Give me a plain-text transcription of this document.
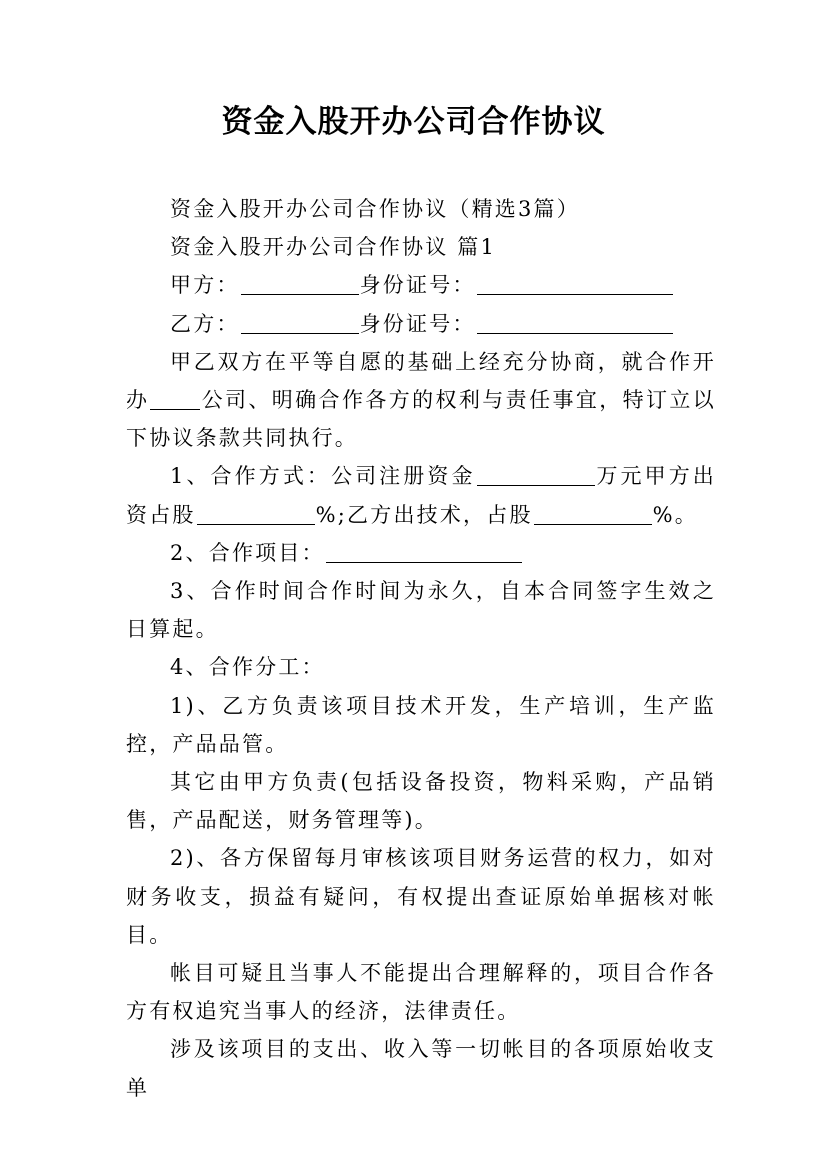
资金入股开办公司合作协议

资金入股开办公司合作协议（精选3篇）

资金入股开办公司合作协议 篇1

甲方：	身份证号：

乙方：	身份证号：

甲乙双方在平等自愿的基础上经充分协商，就合作开办 公司、明确合作各方的权利与责任事宜，特订立以下协议条款共同执行。

1、合作方式：公司注册资金	万元甲方出资占股	%;乙方出技术，占股	%。

2、合作项目：

3、合作时间合作时间为永久，自本合同签字生效之日算起。

4、合作分工：

1)、乙方负责该项目技术开发，生产培训，生产监控，产品品管。

其它由甲方负责(包括设备投资，物料采购，产品销售，产品配送，财务管理等)。

2)、各方保留每月审核该项目财务运营的权力，如对财务收支，损益有疑问，有权提出查证原始单据核对帐目。

帐目可疑且当事人不能提出合理解释的，项目合作各方有权追究当事人的经济，法律责任。

涉及该项目的支出、收入等一切帐目的各项原始收支单
